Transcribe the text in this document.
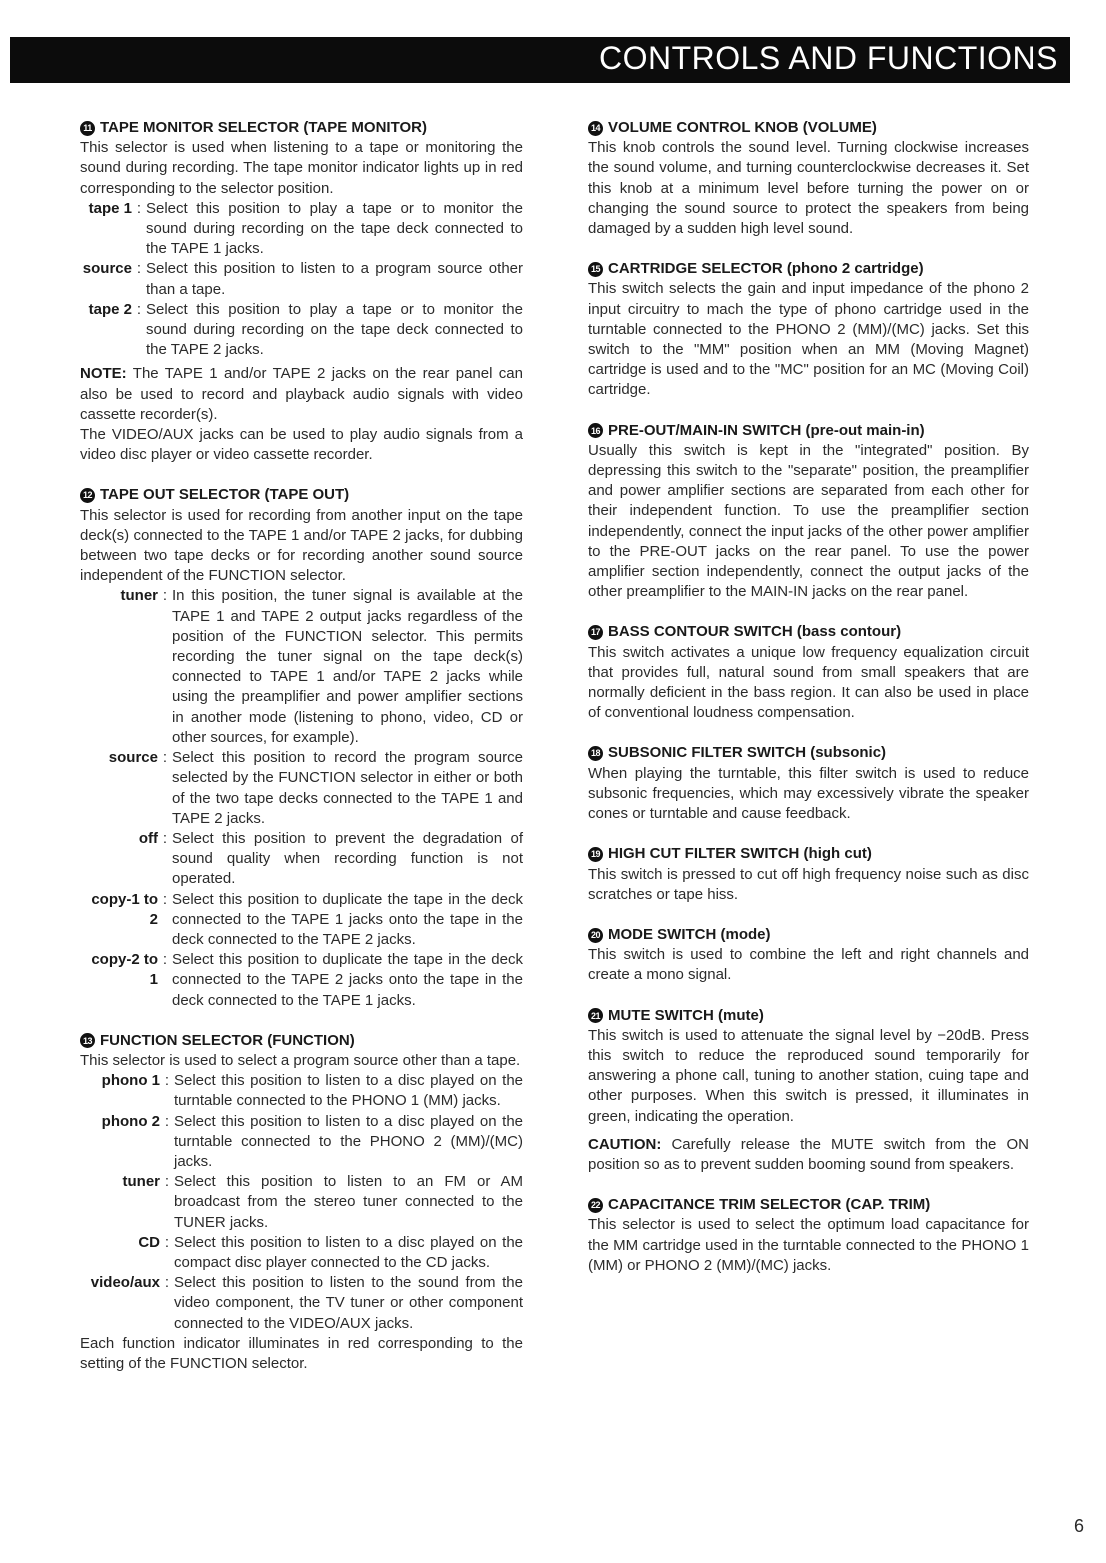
CONTROLS AND FUNCTIONS
11 TAPE MONITOR SELECTOR (TAPE MONITOR)
This selector is used when listening to a tape or monitoring the sound during recording. The tape monitor indicator lights up in red corresponding to the selector position.
tape 1 : Select this position to play a tape or to monitor the sound during recording on the tape deck connected to the TAPE 1 jacks.
source : Select this position to listen to a program source other than a tape.
tape 2 : Select this position to play a tape or to monitor the sound during recording on the tape deck connected to the TAPE 2 jacks.
NOTE: The TAPE 1 and/or TAPE 2 jacks on the rear panel can also be used to record and playback audio signals with video cassette recorder(s).
The VIDEO/AUX jacks can be used to play audio signals from a video disc player or video cassette recorder.
12 TAPE OUT SELECTOR (TAPE OUT)
This selector is used for recording from another input on the tape deck(s) connected to the TAPE 1 and/or TAPE 2 jacks, for dubbing between two tape decks or for recording another sound source independent of the FUNCTION selector.
tuner : In this position, the tuner signal is available at the TAPE 1 and TAPE 2 output jacks regardless of the position of the FUNCTION selector. This permits recording the tuner signal on the tape deck(s) connected to TAPE 1 and/or TAPE 2 jacks while using the preamplifier and power amplifier sections in another mode (listening to phono, video, CD or other sources, for example).
source : Select this position to record the program source selected by the FUNCTION selector in either or both of the two tape decks connected to the TAPE 1 and TAPE 2 jacks.
off : Select this position to prevent the degradation of sound quality when recording function is not operated.
copy-1 to 2
: Select this position to duplicate the tape in the deck connected to the TAPE 1 jacks onto the tape in the deck connected to the TAPE 2 jacks.
copy-2 to 1
: Select this position to duplicate the tape in the deck connected to the TAPE 2 jacks onto the tape in the deck connected to the TAPE 1 jacks.
13 FUNCTION SELECTOR (FUNCTION)
This selector is used to select a program source other than a tape.
phono 1 : Select this position to listen to a disc played on the turntable connected to the PHONO 1 (MM) jacks.
phono 2 : Select this position to listen to a disc played on the turntable connected to the PHONO 2 (MM)/(MC) jacks.
tuner : Select this position to listen to an FM or AM broadcast from the stereo tuner connected to the TUNER jacks.
CD : Select this position to listen to a disc played on the compact disc player connected to the CD jacks.
video/aux : Select this position to listen to the sound from the video component, the TV tuner or other component connected to the VIDEO/AUX jacks.
Each function indicator illuminates in red corresponding to the setting of the FUNCTION selector.
14 VOLUME CONTROL KNOB (VOLUME)
This knob controls the sound level. Turning clockwise increases the sound volume, and turning counterclockwise decreases it. Set this knob at a minimum level before turning the power on or changing the sound source to protect the speakers from being damaged by a sudden high level sound.
15 CARTRIDGE SELECTOR (phono 2 cartridge)
This switch selects the gain and input impedance of the phono 2 input circuitry to mach the type of phono cartridge used in the turntable connected to the PHONO 2 (MM)/(MC) jacks. Set this switch to the "MM" position when an MM (Moving Magnet) cartridge is used and to the "MC" position for an MC (Moving Coil) cartridge.
16 PRE-OUT/MAIN-IN SWITCH (pre-out main-in)
Usually this switch is kept in the "integrated" position. By depressing this switch to the "separate" position, the preamplifier and power amplifier sections are separated from each other for their independent function. To use the preamplifier section independently, connect the input jacks of the other power amplifier to the PRE-OUT jacks on the rear panel. To use the power amplifier section independently, connect the output jacks of the other preamplifier to the MAIN-IN jacks on the rear panel.
17 BASS CONTOUR SWITCH (bass contour)
This switch activates a unique low frequency equalization circuit that provides full, natural sound from small speakers that are normally deficient in the bass region. It can also be used in place of conventional loudness compensation.
18 SUBSONIC FILTER SWITCH (subsonic)
When playing the turntable, this filter switch is used to reduce subsonic frequencies, which may excessively vibrate the speaker cones or turntable and cause feedback.
19 HIGH CUT FILTER SWITCH (high cut)
This switch is pressed to cut off high frequency noise such as disc scratches or tape hiss.
20 MODE SWITCH (mode)
This switch is used to combine the left and right channels and create a mono signal.
21 MUTE SWITCH (mute)
This switch is used to attenuate the signal level by −20dB. Press this switch to reduce the reproduced sound temporarily for answering a phone call, tuning to another station, cuing tape and other purposes. When this switch is pressed, it illuminates in green, indicating the operation.
CAUTION: Carefully release the MUTE switch from the ON position so as to prevent sudden booming sound from speakers.
22 CAPACITANCE TRIM SELECTOR (CAP. TRIM)
This selector is used to select the optimum load capacitance for the MM cartridge used in the turntable connected to the PHONO 1 (MM) or PHONO 2 (MM)/(MC) jacks.
6
